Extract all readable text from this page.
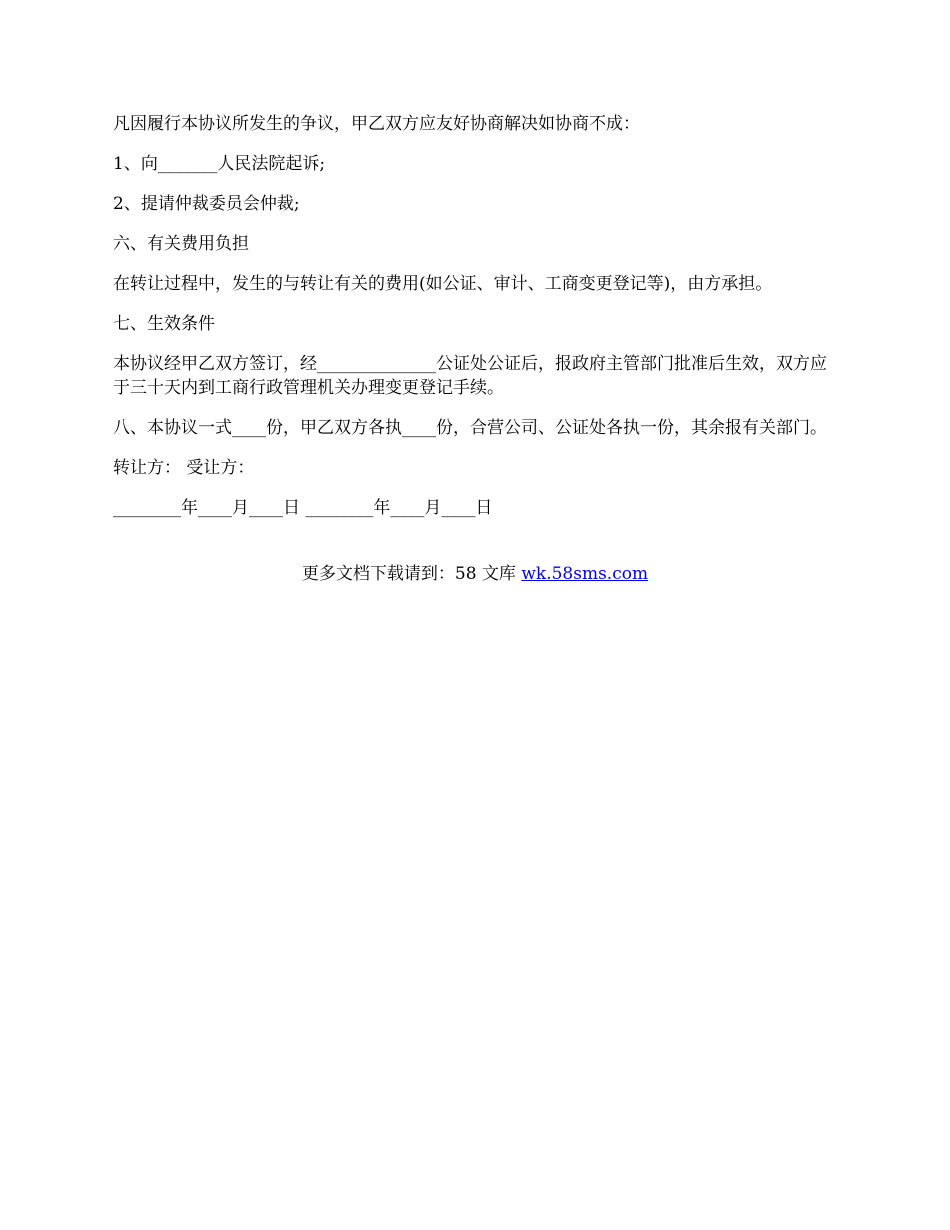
凡因履行本协议所发生的争议，甲乙双方应友好协商解决如协商不成：

1、向_______人民法院起诉;

2、提请仲裁委员会仲裁;

六、有关费用负担

在转让过程中，发生的与转让有关的费用(如公证、审计、工商变更登记等)，由方承担。

七、生效条件

本协议经甲乙双方签订，经______________公证处公证后，报政府主管部门批准后生效，双方应于三十天内到工商行政管理机关办理变更登记手续。

八、本协议一式____份，甲乙双方各执____份，合营公司、公证处各执一份，其余报有关部门。

转让方： 受让方：

________年____月____日 ________年____月____日

更多文档下载请到：58 文库 wk.58sms.com
